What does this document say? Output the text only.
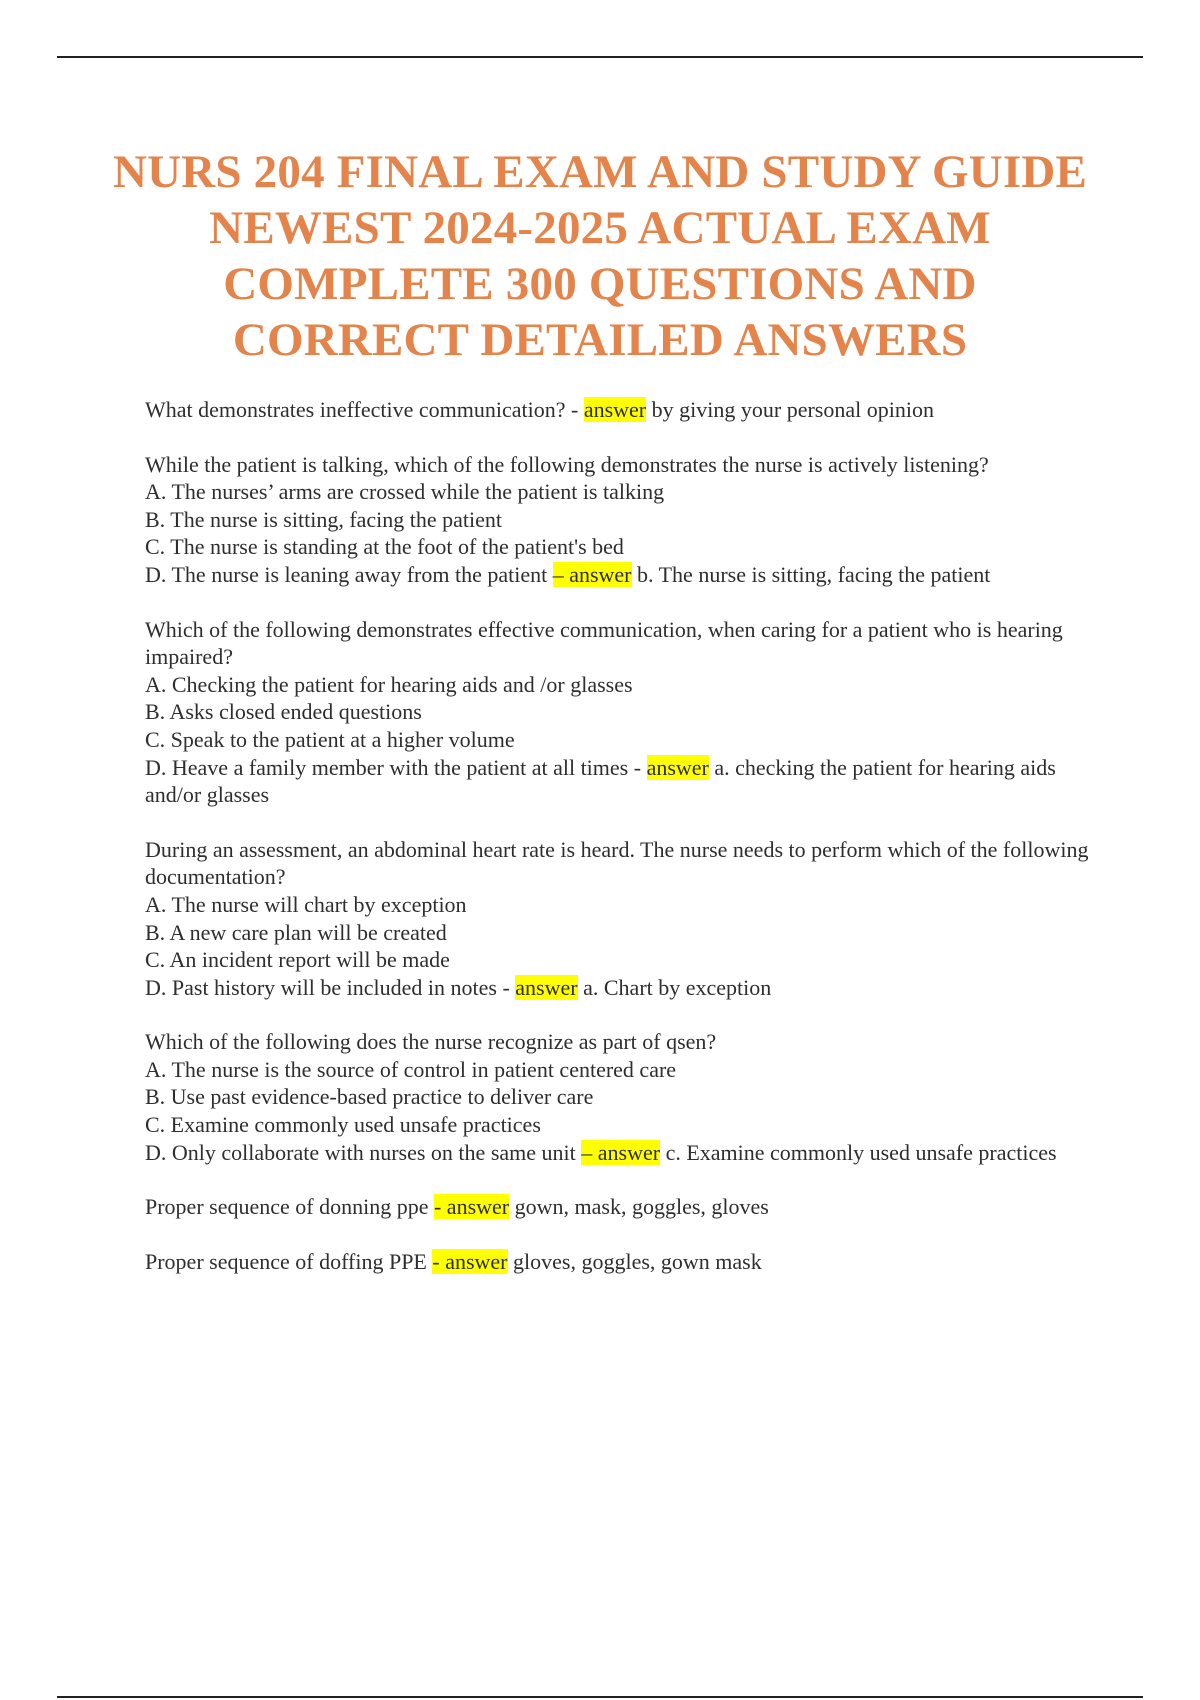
NURS 204 FINAL EXAM AND STUDY GUIDE NEWEST 2024-2025 ACTUAL EXAM COMPLETE 300 QUESTIONS AND CORRECT DETAILED ANSWERS

What demonstrates ineffective communication? - answer by giving your personal opinion

While the patient is talking, which of the following demonstrates the nurse is actively listening?

A. The nurses’ arms are crossed while the patient is talking

B. The nurse is sitting, facing the patient

C. The nurse is standing at the foot of the patient's bed

D. The nurse is leaning away from the patient – answer b. The nurse is sitting, facing the patient

Which of the following demonstrates effective communication, when caring for a patient who is hearing impaired?

A. Checking the patient for hearing aids and /or glasses

B. Asks closed ended questions

C. Speak to the patient at a higher volume

D. Heave a family member with the patient at all times - answer a. checking the patient for hearing aids and/or glasses

During an assessment, an abdominal heart rate is heard. The nurse needs to perform which of the following documentation?

A. The nurse will chart by exception

B. A new care plan will be created

C. An incident report will be made

D. Past history will be included in notes - answer a. Chart by exception

Which of the following does the nurse recognize as part of qsen?

A. The nurse is the source of control in patient centered care

B. Use past evidence-based practice to deliver care

C. Examine commonly used unsafe practices

D. Only collaborate with nurses on the same unit – answer c. Examine commonly used unsafe practices

Proper sequence of donning ppe - answer gown, mask, goggles, gloves

Proper sequence of doffing PPE - answer gloves, goggles, gown mask
